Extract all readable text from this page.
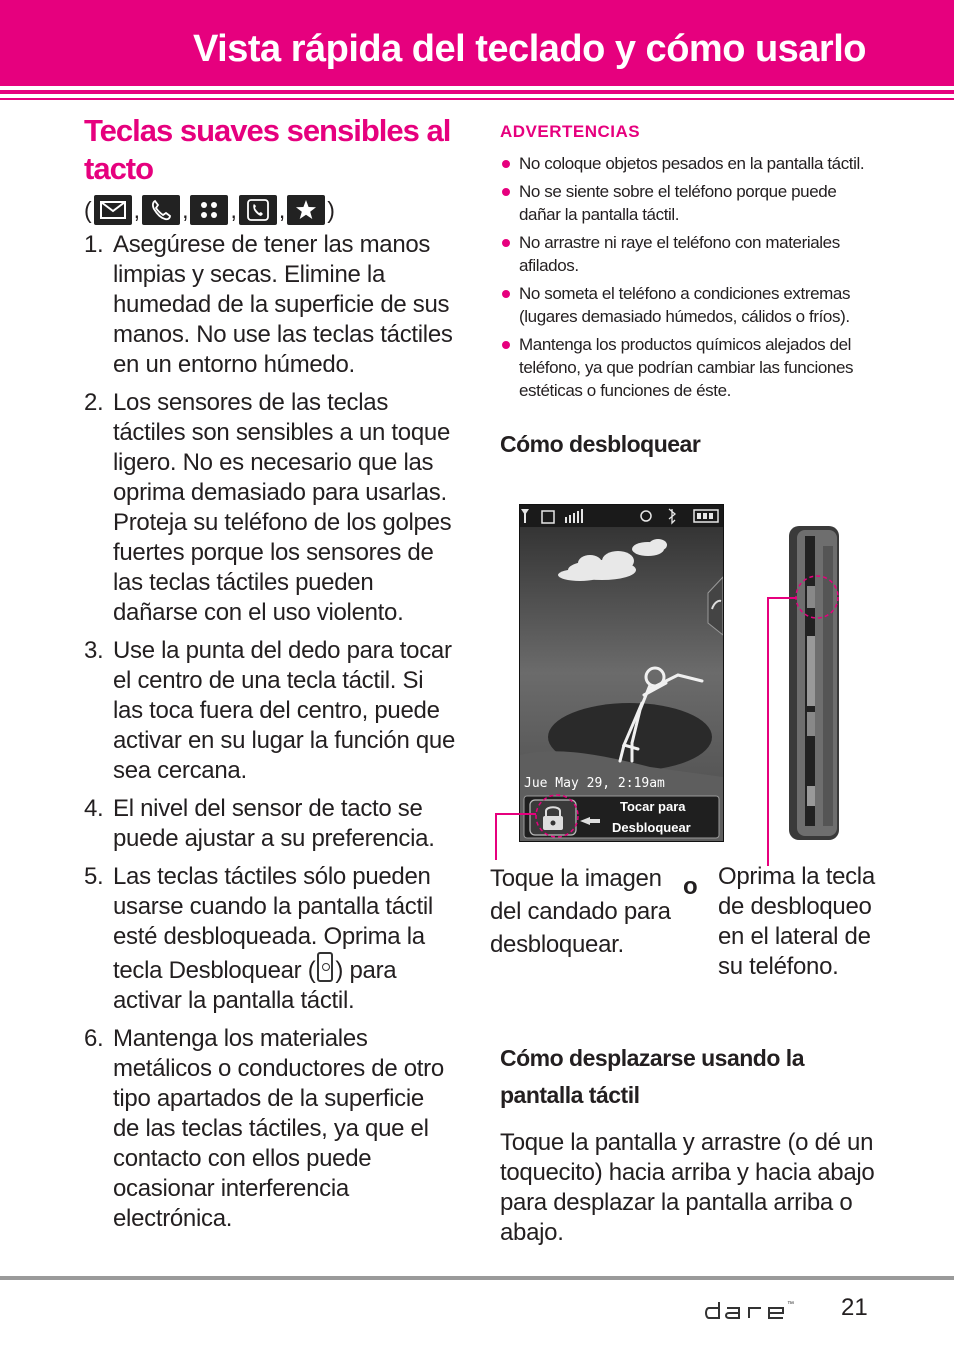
Vista rápida del teclado y cómo usarlo
Teclas suaves sensibles al tacto
( , , , , )
1. Asegúrese de tener las manos limpias y secas. Elimine la humedad de la superficie de sus manos. No use las teclas táctiles en un entorno húmedo.
2. Los sensores de las teclas táctiles son sensibles a un toque ligero. No es necesario que las oprima demasiado para usarlas. Proteja su teléfono de los golpes fuertes porque los sensores de las teclas táctiles pueden dañarse con el uso violento.
3. Use la punta del dedo para tocar el centro de una tecla táctil. Si las toca fuera del centro, puede activar en su lugar la función que sea cercana.
4. El nivel del sensor de tacto se puede ajustar a su preferencia.
5. Las teclas táctiles sólo pueden usarse cuando la pantalla táctil esté desbloqueada. Oprima la tecla Desbloquear ( ) para activar la pantalla táctil.
6. Mantenga los materiales metálicos o conductores de otro tipo apartados de la superficie de las teclas táctiles, ya que el contacto con ellos puede ocasionar interferencia electrónica.
ADVERTENCIAS
No coloque objetos pesados en la pantalla táctil.
No se siente sobre el teléfono porque puede dañar la pantalla táctil.
No arrastre ni raye el teléfono con materiales afilados.
No someta el teléfono a condiciones extremas (lugares demasiado húmedos, cálidos o fríos).
Mantenga los productos químicos alejados del teléfono, ya que podrían cambiar las funciones estéticas o funciones de éste.
Cómo desbloquear
Jue May 29, 2:19am
Tocar para
Desbloquear
Toque la imagen del candado para desbloquear.
o Oprima la tecla de desbloqueo en el lateral de su teléfono.
Cómo desplazarse usando la pantalla táctil
Toque la pantalla y arrastre (o dé un toquecito) hacia arriba y hacia abajo para desplazar la pantalla arriba o abajo.
™ 21
